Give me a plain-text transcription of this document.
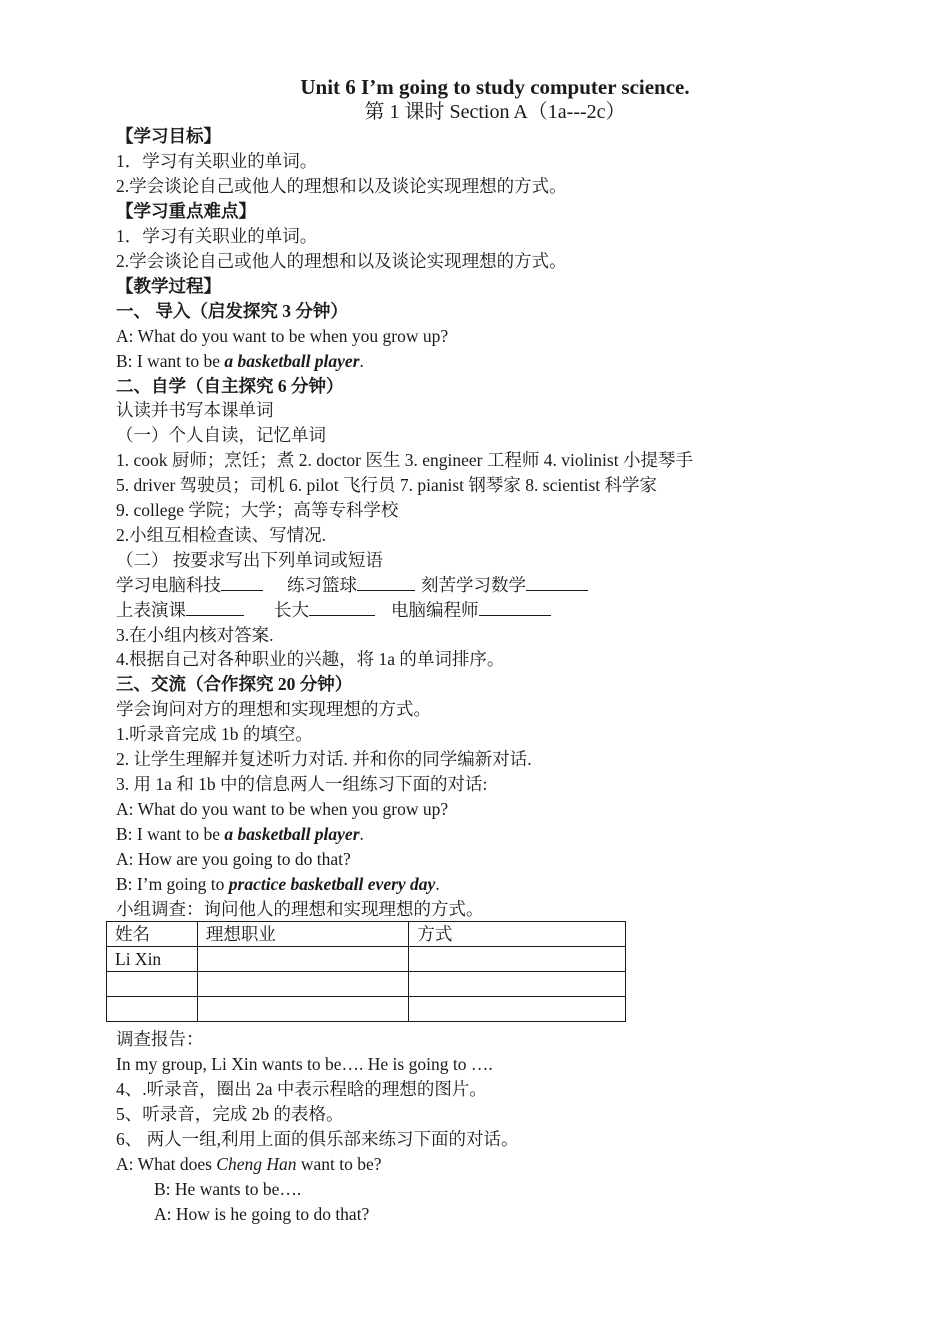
Unit 6 I’m going to study computer science.
第 1 课时 Section A（1a---2c）
【学习目标】
1．学习有关职业的单词。
2.学会谈论自己或他人的理想和以及谈论实现理想的方式。
【学习重点难点】
1．学习有关职业的单词。
2.学会谈论自己或他人的理想和以及谈论实现理想的方式。
【教学过程】
一、 导入（启发探究 3 分钟）
A: What do you want to be when you grow up?
B: I want to be a basketball player.
二、自学（自主探究 6 分钟）
认读并书写本课单词
（一）个人自读，记忆单词
1. cook 厨师；烹饪；煮 2. doctor 医生 3. engineer 工程师 4. violinist 小提琴手
5. driver 驾驶员；司机 6. pilot 飞行员 7. pianist 钢琴家 8. scientist 科学家
9. college 学院；大学；高等专科学校
2.小组互相检查读、写情况.
（二） 按要求写出下列单词或短语
学习电脑科技	练习篮球	刻苦学习数学
上表演课	长大	电脑编程师
3.在小组内核对答案.
4.根据自己对各种职业的兴趣，将 1a 的单词排序。
三、交流（合作探究 20 分钟）
学会询问对方的理想和实现理想的方式。
1.听录音完成 1b 的填空。
2. 让学生理解并复述听力对话. 并和你的同学编新对话.
3. 用 1a 和 1b 中的信息两人一组练习下面的对话:
A: What do you want to be when you grow up?
B: I want to be a basketball player.
A: How are you going to do that?
B: I’m going to practice basketball every day.
小组调查：询问他人的理想和实现理想的方式。
姓名	理想职业	方式
Li Xin		

调查报告：
In my group, Li Xin wants to be…. He is going to ….
4、.听录音，圈出 2a 中表示程晗的理想的图片。
5、听录音，完成 2b 的表格。
6、 两人一组,利用上面的俱乐部来练习下面的对话。
A: What does Cheng Han want to be?
B: He wants to be….
A: How is he going to do that?
